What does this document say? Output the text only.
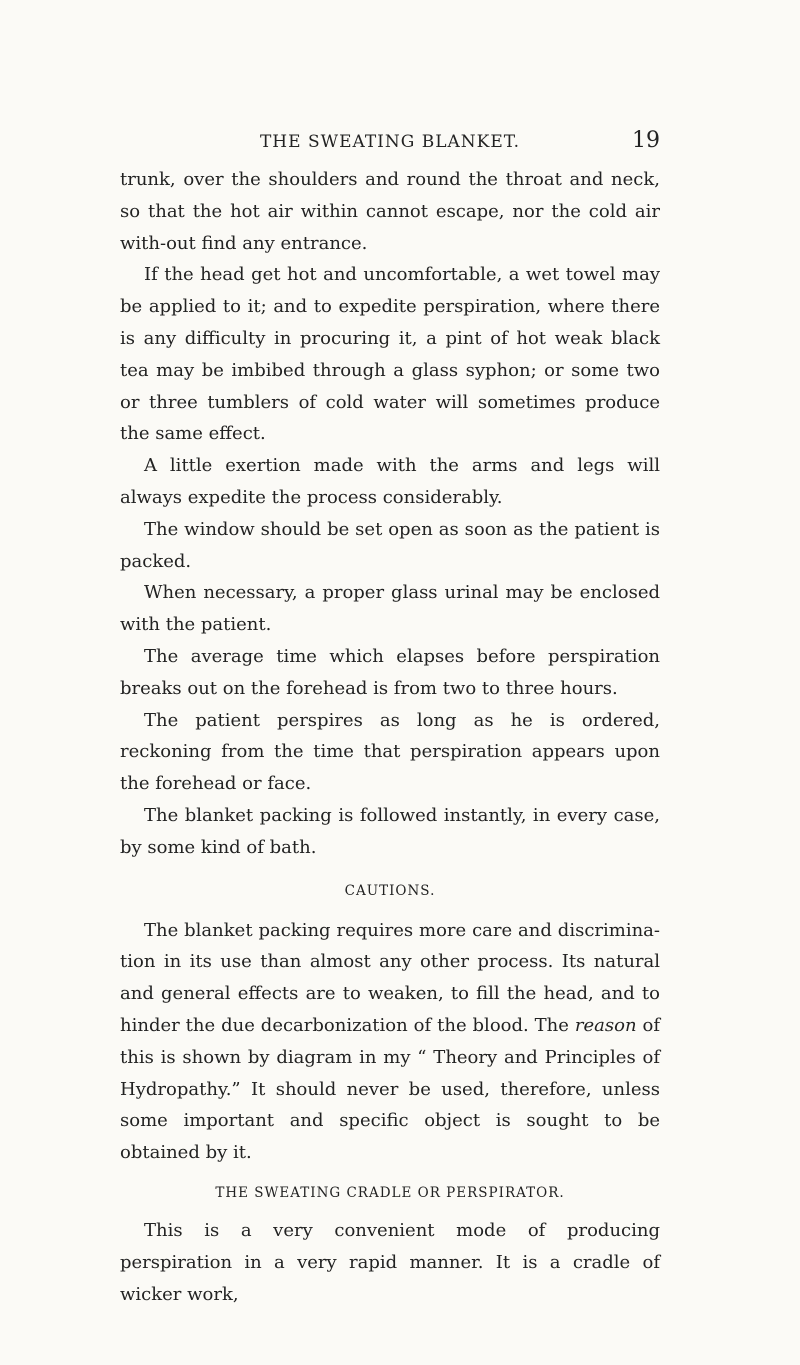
THE SWEATING BLANKET.	19

trunk, over the shoulders and round the throat and neck, so that the hot air within cannot escape, nor the cold air with-out find any entrance.

If the head get hot and uncomfortable, a wet towel may be applied to it; and to expedite perspiration, where there is any difficulty in procuring it, a pint of hot weak black tea may be imbibed through a glass syphon; or some two or three tumblers of cold water will sometimes produce the same effect.

A little exertion made with the arms and legs will always expedite the process considerably.

The window should be set open as soon as the patient is packed.

When necessary, a proper glass urinal may be enclosed with the patient.

The average time which elapses before perspiration breaks out on the forehead is from two to three hours.

The patient perspires as long as he is ordered, reckoning from the time that perspiration appears upon the forehead or face.

The blanket packing is followed instantly, in every case, by some kind of bath.

CAUTIONS.

The blanket packing requires more care and discrimina-tion in its use than almost any other process. Its natural and general effects are to weaken, to fill the head, and to hinder the due decarbonization of the blood. The reason of this is shown by diagram in my “ Theory and Principles of Hydropathy.” It should never be used, therefore, unless some important and specific object is sought to be obtained by it.

THE SWEATING CRADLE OR PERSPIRATOR.

This is a very convenient mode of producing perspiration in a very rapid manner. It is a cradle of wicker work,
